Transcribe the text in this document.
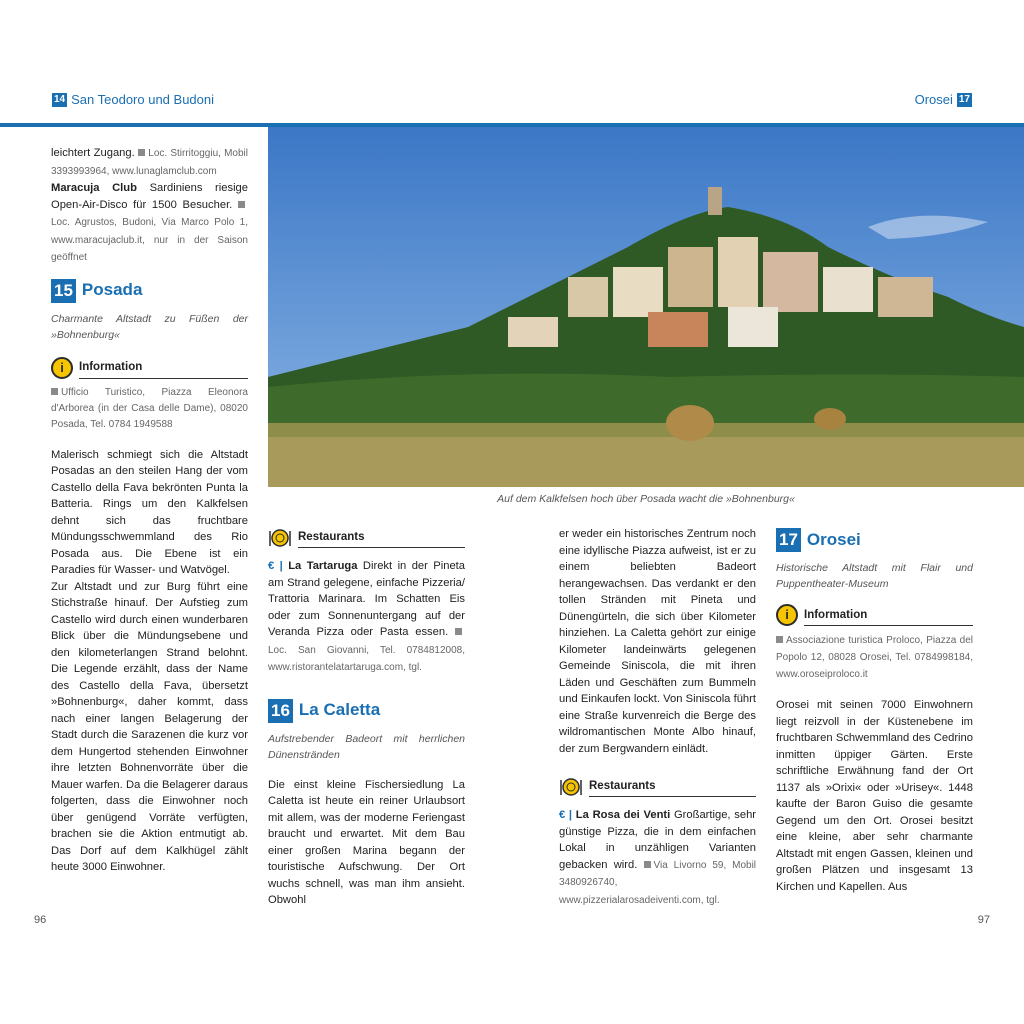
14 San Teodoro und Budoni	Orosei 17
leichtert Zugang. Loc. Stirritoggiu, Mobil 3393993964, www.lunaglamclub.com
Maracuja Club Sardiniens riesige Open-Air-Disco für 1500 Besucher. Loc. Agrustos, Budoni, Via Marco Polo 1, www.maracujaclub.it, nur in der Saison geöffnet
15 Posada
Charmante Altstadt zu Füßen der »Bohnenburg«
i	Information
Ufficio Turistico, Piazza Eleonora d'Arborea (in der Casa delle Dame), 08020 Posada, Tel. 0784 1949588
Malerisch schmiegt sich die Altstadt Posadas an den steilen Hang der vom Castello della Fava bekrönten Punta la Batteria. Rings um den Kalkfelsen dehnt sich das fruchtbare Mündungsschwemmland des Rio Posada aus. Die Ebene ist ein Paradies für Wasser- und Watvögel.
Zur Altstadt und zur Burg führt eine Stichstraße hinauf. Der Aufstieg zum Castello wird durch einen wunderbaren Blick über die Mündungsebene und den kilometerlangen Strand belohnt. Die Legende erzählt, dass der Name des Castello della Fava, übersetzt »Bohnenburg«, daher kommt, dass nach einer langen Belagerung der Stadt durch die Sarazenen die kurz vor dem Hungertod stehenden Einwohner ihre letzten Bohnenvorräte über die Mauer warfen. Da die Belagerer daraus folgerten, dass die Einwohner noch über genügend Vorräte verfügten, brachen sie die Aktion entmutigt ab. Das Dorf auf dem Kalkhügel zählt heute 3000 Einwohner.
Auf dem Kalkfelsen hoch über Posada wacht die »Bohnenburg«
Restaurants
€ | La Tartaruga Direkt in der Pineta am Strand gelegene, einfache Pizzeria/ Trattoria Marinara. Im Schatten Eis oder zum Sonnenuntergang auf der Veranda Pizza oder Pasta essen. Loc. San Giovanni, Tel. 0784812008, www.ristorantelatartaruga.com, tgl.
16 La Caletta
Aufstrebender Badeort mit herrlichen Dünenstränden
Die einst kleine Fischersiedlung La Caletta ist heute ein reiner Urlaubsort mit allem, was der moderne Feriengast braucht und erwartet. Mit dem Bau einer großen Marina begann der touristische Aufschwung. Der Ort wuchs schnell, was man ihm ansieht. Obwohl
er weder ein historisches Zentrum noch eine idyllische Piazza aufweist, ist er zu einem beliebten Badeort herangewachsen. Das verdankt er den tollen Stränden mit Pineta und Dünengürteln, die sich über Kilometer hinziehen. La Caletta gehört zur einige Kilometer landeinwärts gelegenen Gemeinde Siniscola, die mit ihren Läden und Geschäften zum Bummeln und Einkaufen lockt. Von Siniscola führt eine Straße kurvenreich die Berge des wildromantischen Monte Albo hinauf, der zum Bergwandern einlädt.
Restaurants
€ | La Rosa dei Venti Großartige, sehr günstige Pizza, die in dem einfachen Lokal in unzähligen Varianten gebacken wird. Via Livorno 59, Mobil 3480926740, www.pizzerialarosadeiventi.com, tgl.
17 Orosei
Historische Altstadt mit Flair und Puppentheater-Museum
i	Information
Associazione turistica Proloco, Piazza del Popolo 12, 08028 Orosei, Tel. 0784998184, www.oroseiproloco.it
Orosei mit seinen 7000 Einwohnern liegt reizvoll in der Küstenebene im fruchtbaren Schwemmland des Cedrino inmitten üppiger Gärten. Erste schriftliche Erwähnung fand der Ort 1137 als »Orixi« oder »Urisey«. 1448 kaufte der Baron Guiso die gesamte Gegend um den Ort. Orosei besitzt eine kleine, aber sehr charmante Altstadt mit engen Gassen, kleinen und großen Plätzen und insgesamt 13 Kirchen und Kapellen. Aus
96	97
